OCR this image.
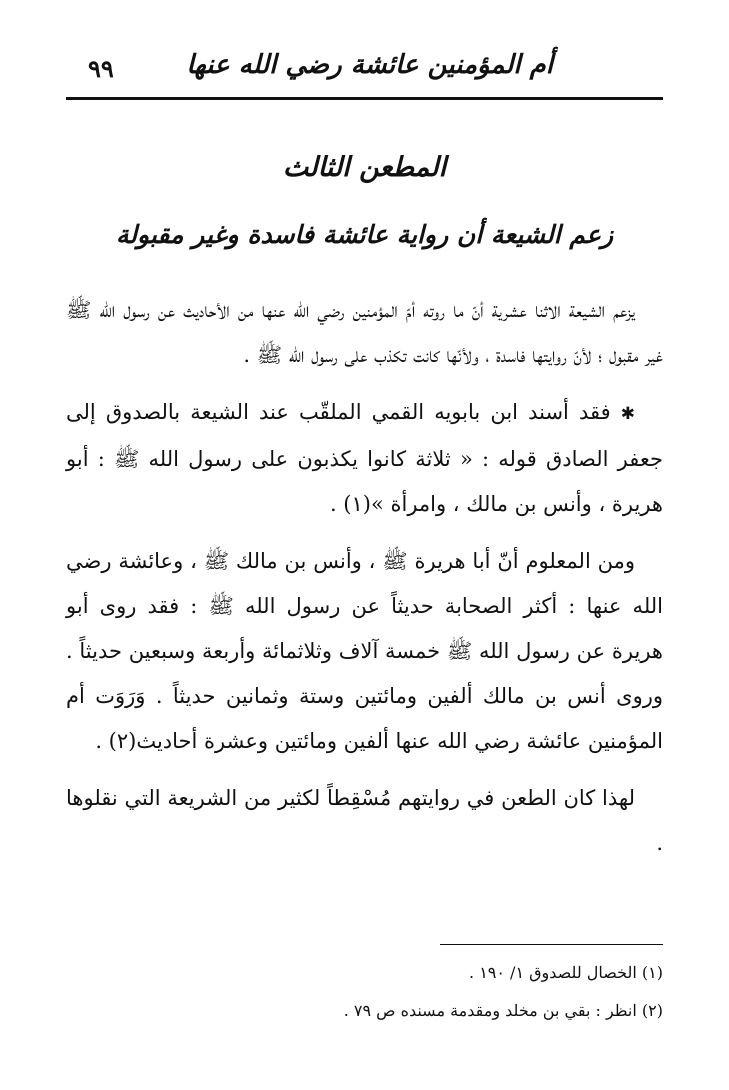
أم المؤمنين عائشة رضي الله عنها
٩٩
المطعن الثالث
زعم الشيعة أن رواية عائشة فاسدة وغير مقبولة

يزعم الشيعة الاثنا عشرية أنّ ما روته أمّ المؤمنين رضي الله عنها من الأحاديث عن رسول الله ﷺ غير مقبول ؛ لأنّ روايتها فاسدة ، ولأنّها كانت تكذب على رسول الله ﷺ .

✱ فقد أسند ابن بابويه القمي الملقّب عند الشيعة بالصدوق إلى جعفر الصادق قوله : « ثلاثة كانوا يكذبون على رسول الله ﷺ : أبو هريرة ، وأنس بن مالك ، وامرأة »(١) .

ومن المعلوم أنّ أبا هريرة ﷺ ، وأنس بن مالك ﷺ ، وعائشة رضي الله عنها : أكثر الصحابة حديثاً عن رسول الله ﷺ : فقد روى أبو هريرة عن رسول الله ﷺ خمسة آلاف وثلاثمائة وأربعة وسبعين حديثاً . وروى أنس بن مالك ألفين ومائتين وستة وثمانين حديثاً . وَرَوَت أم المؤمنين عائشة رضي الله عنها ألفين ومائتين وعشرة أحاديث(٢) .

لهذا كان الطعن في روايتهم مُسْقِطاً لكثير من الشريعة التي نقلوها .

(١) الخصال للصدوق ١/ ١٩٠ .
(٢) انظر : بقي بن مخلد ومقدمة مسنده ص ٧٩ .
